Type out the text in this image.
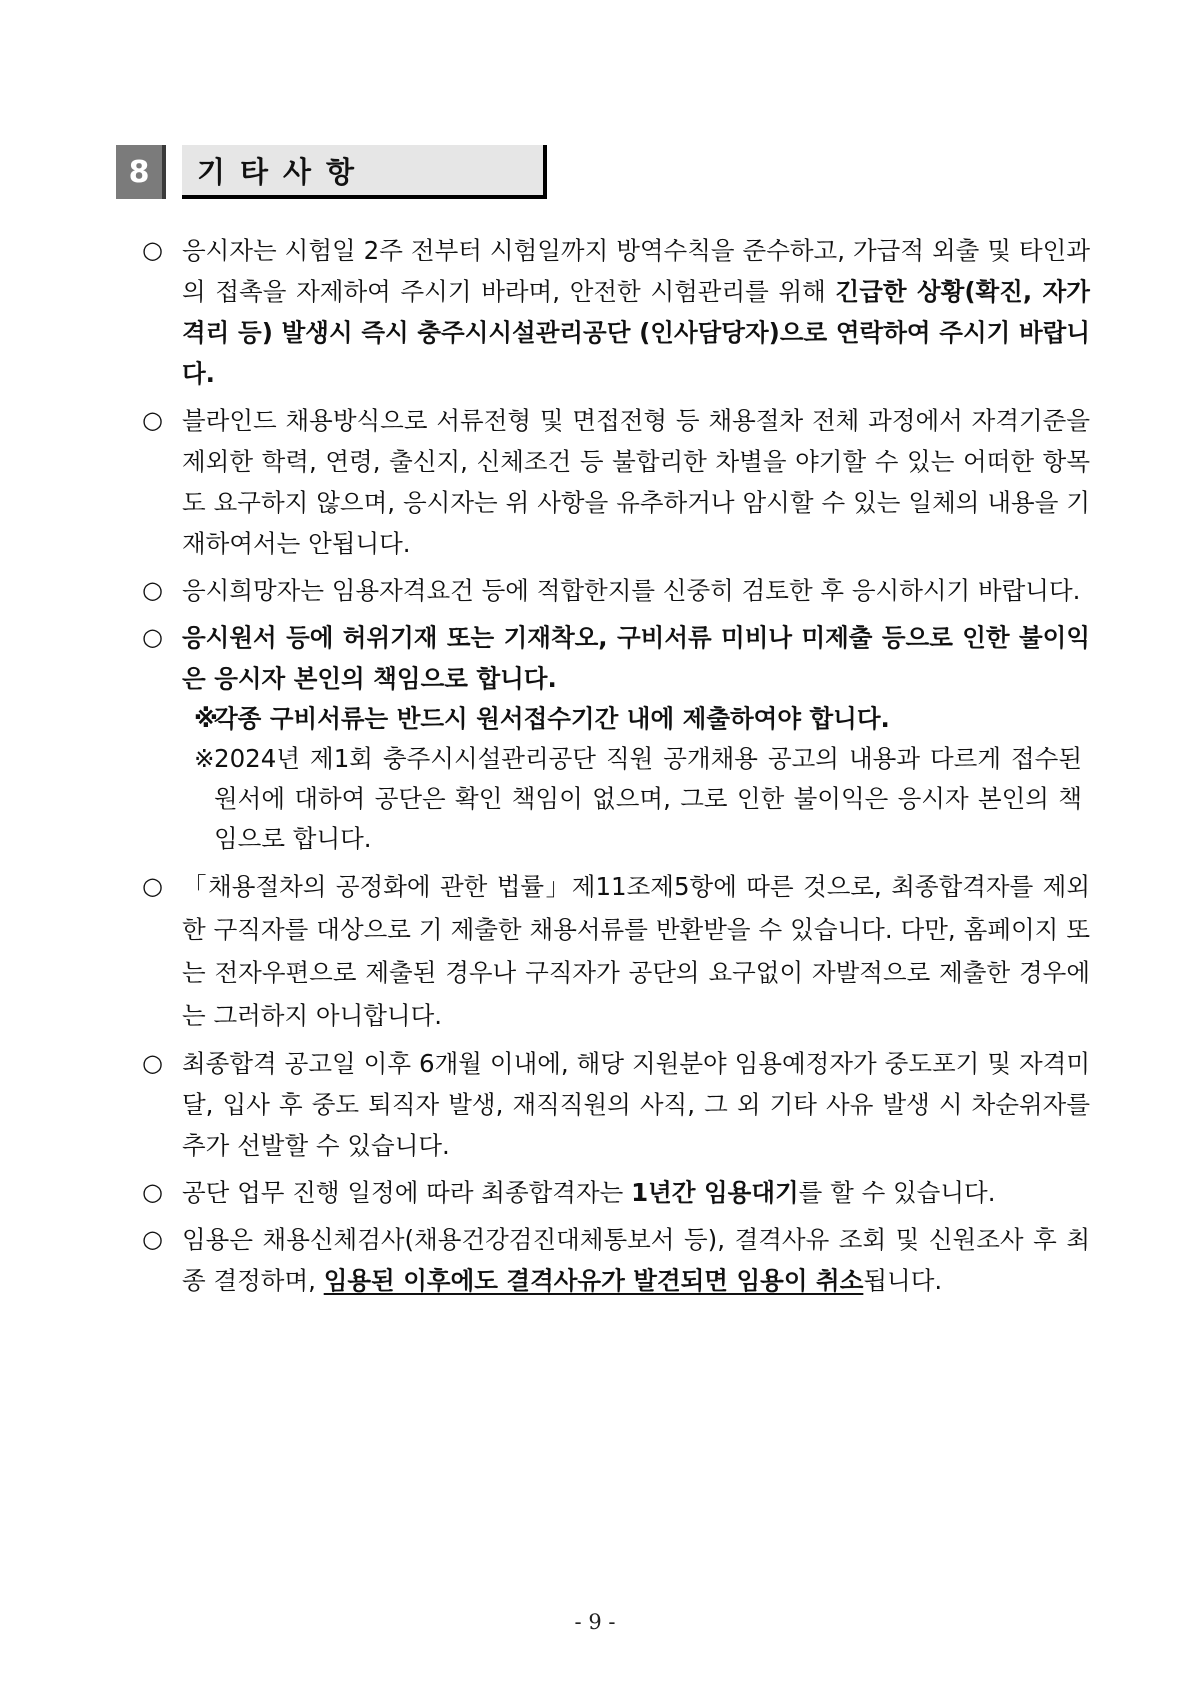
8	기타사항
○ 응시자는 시험일 2주 전부터 시험일까지 방역수칙을 준수하고, 가급적 외출 및 타인과의 접촉을 자제하여 주시기 바라며, 안전한 시험관리를 위해 긴급한 상황(확진, 자가격리 등) 발생시 즉시 충주시시설관리공단 (인사담당자)으로 연락하여 주시기 바랍니다.
○ 블라인드 채용방식으로 서류전형 및 면접전형 등 채용절차 전체 과정에서 자격기준을 제외한 학력, 연령, 출신지, 신체조건 등 불합리한 차별을 야기할 수 있는 어떠한 항목도 요구하지 않으며, 응시자는 위 사항을 유추하거나 암시할 수 있는 일체의 내용을 기재하여서는 안됩니다.
○ 응시희망자는 임용자격요건 등에 적합한지를 신중히 검토한 후 응시하시기 바랍니다.
○ 응시원서 등에 허위기재 또는 기재착오, 구비서류 미비나 미제출 등으로 인한 불이익은 응시자 본인의 책임으로 합니다.
※
각종 구비서류는 반드시 원서접수기간 내에 제출하여야 합니다.
※ 2024년 제1회 충주시시설관리공단 직원 공개채용 공고의 내용과 다르게 접수된 원서에 대하여 공단은 확인 책임이 없으며, 그로 인한 불이익은 응시자 본인의 책임으로 합니다.
○ 「채용절차의 공정화에 관한 법률」제11조제5항에 따른 것으로, 최종합격자를 제외한 구직자를 대상으로 기 제출한 채용서류를 반환받을 수 있습니다. 다만, 홈페이지 또는 전자우편으로 제출된 경우나 구직자가 공단의 요구없이 자발적으로 제출한 경우에는 그러하지 아니합니다.
○ 최종합격 공고일 이후 6개월 이내에, 해당 지원분야 임용예정자가 중도포기 및 자격미달, 입사 후 중도 퇴직자 발생, 재직직원의 사직, 그 외 기타 사유 발생 시 차순위자를 추가 선발할 수 있습니다.
○ 공단 업무 진행 일정에 따라 최종합격자는 1년간 임용대기를 할 수 있습니다.
○ 임용은 채용신체검사(채용건강검진대체통보서 등), 결격사유 조회 및 신원조사 후 최종 결정하며, 임용된 이후에도 결격사유가 발견되면 임용이 취소됩니다.
- 9 -
